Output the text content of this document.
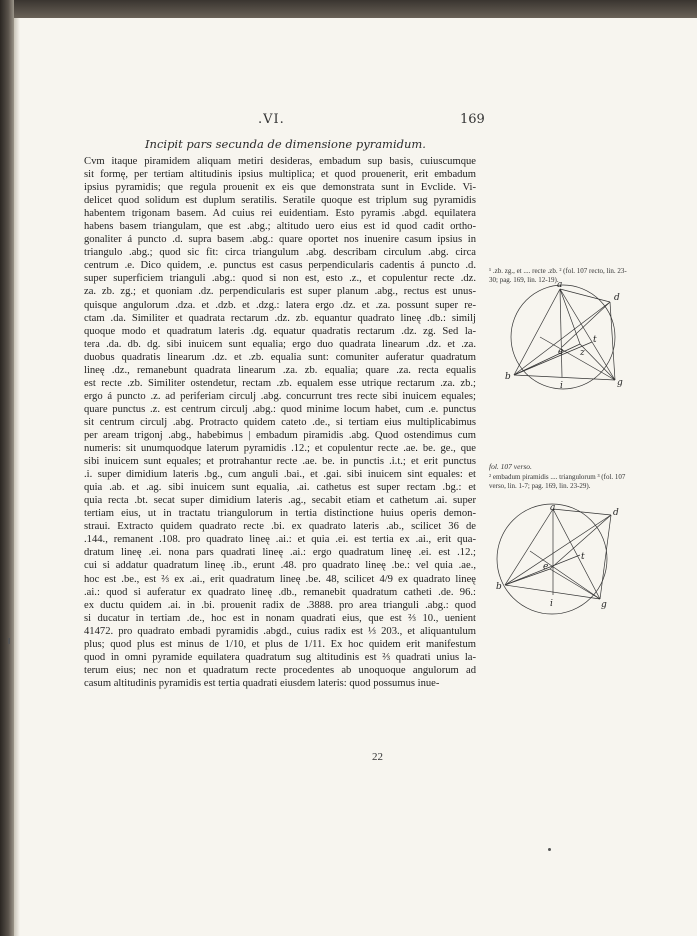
.VI.	169
Incipit pars secunda de dimensione pyramidum.
Cvm itaque piramidem aliquam metiri desideras, embadum sup basis, cuiuscumque
sit formę, per tertiam altitudinis ipsius multiplica; et quod prouenerit, erit embadum
ipsius pyramidis; que regula prouenit ex eis que demonstrata sunt in Evclide. Vi-
delicet quod solidum est duplum seratilis. Seratile quoque est triplum sug pyramidis
habentem trigonam basem. Ad cuius rei euidentiam. Esto pyramis .abgd. equilatera
habens basem triangulam, que est .abg.; altitudo uero eius est id quod cadit ortho-
gonaliter á puncto .d. supra basem .abg.: quare oportet nos inuenire casum ipsius in
triangulo .abg.; quod sic fit: circa triangulum .abg. describam circulum .abg. circa
centrum .e. Dico quidem, .e. punctus est casus perpendicularis cadentis á puncto .d.
super superficiem trianguli .abg.: quod si non est, esto .z., et copulentur recte .dz.
za. zb. zg.; et quoniam .dz. perpendicularis est super planum .abg., rectus est unus-
quisque angulorum .dza. et .dzb. et .dzg.: latera ergo .dz. et .za. possunt super re-
ctam .da. Similiter et quadrata rectarum .dz. zb. equantur quadrato lineę .db.: similj
quoque modo et quadratum lateris .dg. equatur quadratis rectarum .dz. zg. Sed la-
tera .da. db. dg. sibi inuicem sunt equalia; ergo duo quadrata linearum .dz. et .za.
duobus quadratis linearum .dz. et .zb. equalia sunt: comuniter auferatur quadratum
lineę .dz., remanebunt quadrata linearum .za. zb. equalia; quare .za. recta equalis
est recte .zb. Similiter ostendetur, rectam .zb. equalem esse utrique rectarum .za. zb.;
ergo á puncto .z. ad periferiam circulj .abg. concurrunt tres recte sibi inuicem equales;
quare punctus .z. est centrum circulj .abg.: quod minime locum habet, cum .e. punctus
sit centrum circulj .abg. Protracto quidem cateto .de., si tertiam eius multiplicabimus
per aream trigonj .abg., habebimus | embadum piramidis .abg. Quod ostendimus cum
numeris: sit unumquodque laterum pyramidis .12.; et copulentur recte .ae. be. ge., que
sibi inuicem sunt equales; et protrahantur recte .ae. be. in punctis .i.t.; et erit punctus
.i. super dimidium lateris .bg., cum anguli .bai., et .gai. sibi inuicem sint equales: et
quia .ab. et .ag. sibi inuicem sunt equalia, .ai. cathetus est super rectam .bg.: et
quia recta .bt. secat super dimidium lateris .ag., secabit etiam et cathetum .ai. super
tertiam eius, ut in tractatu triangulorum in tertia distinctione huius operis demon-
straui. Extracto quidem quadrato recte .bi. ex quadrato lateris .ab., scilicet 36 de
.144., remanent .108. pro quadrato lineę .ai.: et quia .ei. est tertia ex .ai., erit qua-
dratum lineę .ei. nona pars quadrati lineę .ai.: ergo quadratum lineę .ei. est .12.;
cui si addatur quadratum lineę .ib., erunt .48. pro quadrato lineę .be.: vel quia .ae.,
hoc est .be., est ⅔ ex .ai., erit quadratum lineę .be. 48, scilicet 4/9 ex quadrato lineę
.ai.: quod si auferatur ex quadrato lineę .db., remanebit quadratum catheti .de. 96.:
ex ductu quidem .ai. in .bi. prouenit radix de .3888. pro area trianguli .abg.: quod
si ducatur in tertiam .de., hoc est in nonam quadrati eius, que est ⅔ 10., uenient
41472. pro quadrato embadi pyramidis .abgd., cuius radix est ⅓ 203., et aliquantulum
plus; quod plus est minus de 1/10, et plus de 1/11. Ex hoc quidem erit manifestum
quod in omni pyramide equilatera quadratum sug altitudinis est ⅔ quadrati unius la-
terum eius; nec non et quadratum recte procedentes ab unoquoque angulorum ad
casum altitudinis pyramidis est tertia quadrati eiusdem lateris: quod possumus inue-
22
¹ .zb. zg., et .... recte .zb. ² (fol. 107 recto, lin. 23-30; pag. 169, lin. 12-19).
a
d
t
z
e
b
i	g
fol. 107 verso.
² embadum piramidis .... triangulorum ³ (fol. 107 verso, lin. 1-7; pag. 169, lin. 23-29).
a	d
t
e
b
i	g
